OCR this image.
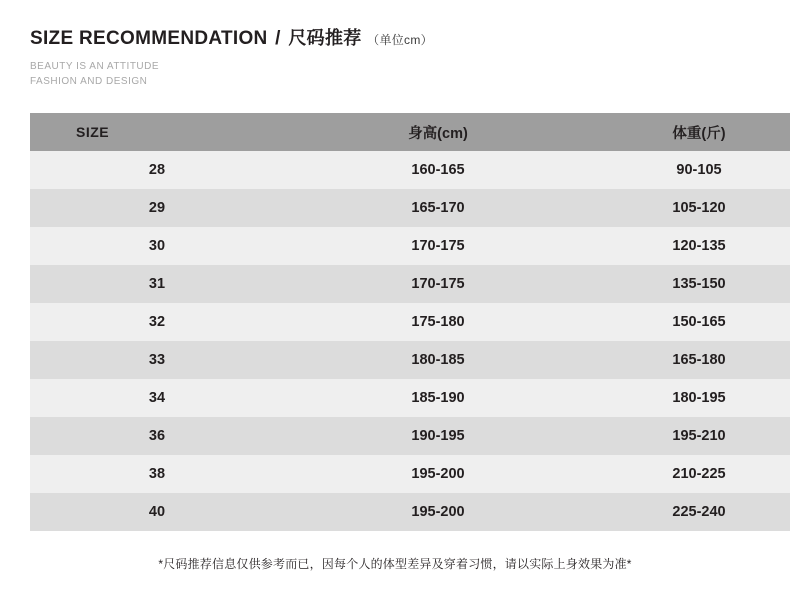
SIZE RECOMMENDATION / 尺码推荐 （单位cm）
BEAUTY IS AN ATTITUDE
FASHION AND DESIGN
SIZE	身高(cm)	体重(斤)
28	160-165	90-105
29	165-170	105-120
30	170-175	120-135
31	170-175	135-150
32	175-180	150-165
33	180-185	165-180
34	185-190	180-195
36	190-195	195-210
38	195-200	210-225
40	195-200	225-240
*尺码推荐信息仅供参考而已，因每个人的体型差异及穿着习惯，请以实际上身效果为准*
